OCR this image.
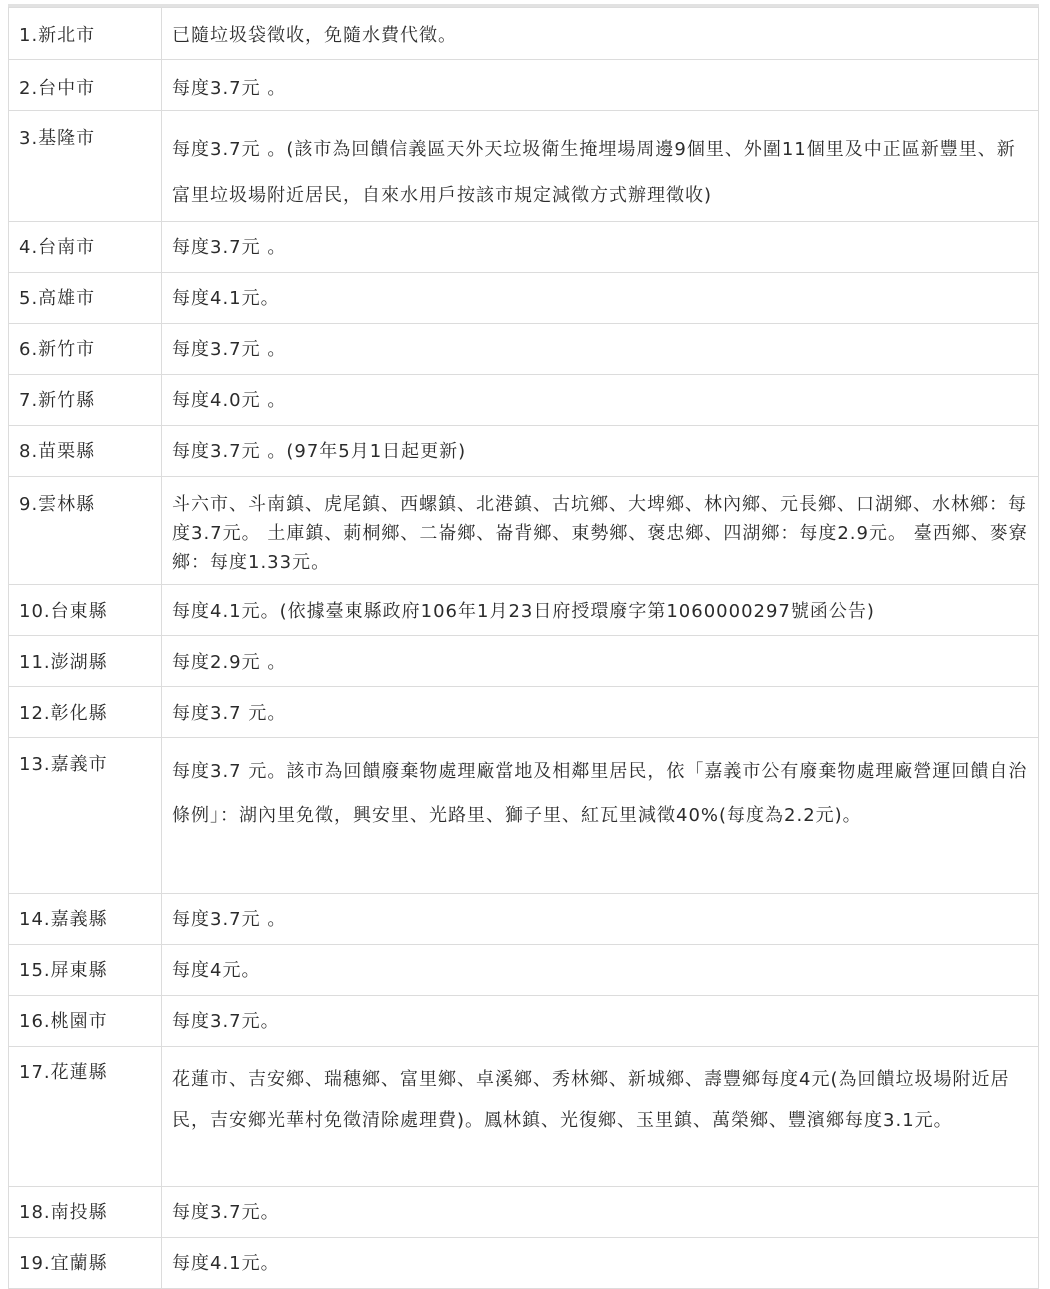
1.新北市	已隨垃圾袋徵收，免隨水費代徵。

2.台中市	每度3.7元 。

3.基隆市	每度3.7元 。(該市為回饋信義區天外天垃圾衛生掩埋場周邊9個里、外圍11個里及中正區新豐里、新富里垃圾場附近居民，自來水用戶按該市規定減徵方式辦理徵收)

4.台南市	每度3.7元 。

5.高雄市	每度4.1元。

6.新竹市	每度3.7元 。

7.新竹縣	每度4.0元 。

8.苗栗縣	每度3.7元 。(97年5月1日起更新)

9.雲林縣	斗六市、斗南鎮、虎尾鎮、西螺鎮、北港鎮、古坑鄉、大埤鄉、林內鄉、元長鄉、口湖鄉、水林鄉：每度3.7元。 土庫鎮、莿桐鄉、二崙鄉、崙背鄉、東勢鄉、褒忠鄉、四湖鄉：每度2.9元。 臺西鄉、麥寮鄉：每度1.33元。

10.台東縣	每度4.1元。(依據臺東縣政府106年1月23日府授環廢字第1060000297號函公告)

11.澎湖縣	每度2.9元 。

12.彰化縣	每度3.7 元。

13.嘉義市	每度3.7 元。該市為回饋廢棄物處理廠當地及相鄰里居民，依「嘉義市公有廢棄物處理廠營運回饋自治條例」：湖內里免徵，興安里、光路里、獅子里、紅瓦里減徵40%(每度為2.2元)。

14.嘉義縣	每度3.7元 。

15.屏東縣	每度4元。

16.桃園市	每度3.7元。

17.花蓮縣	花蓮市、吉安鄉、瑞穗鄉、富里鄉、卓溪鄉、秀林鄉、新城鄉、壽豐鄉每度4元(為回饋垃圾場附近居民，吉安鄉光華村免徵清除處理費)。鳳林鎮、光復鄉、玉里鎮、萬榮鄉、豐濱鄉每度3.1元。

18.南投縣	每度3.7元。

19.宜蘭縣	每度4.1元。
